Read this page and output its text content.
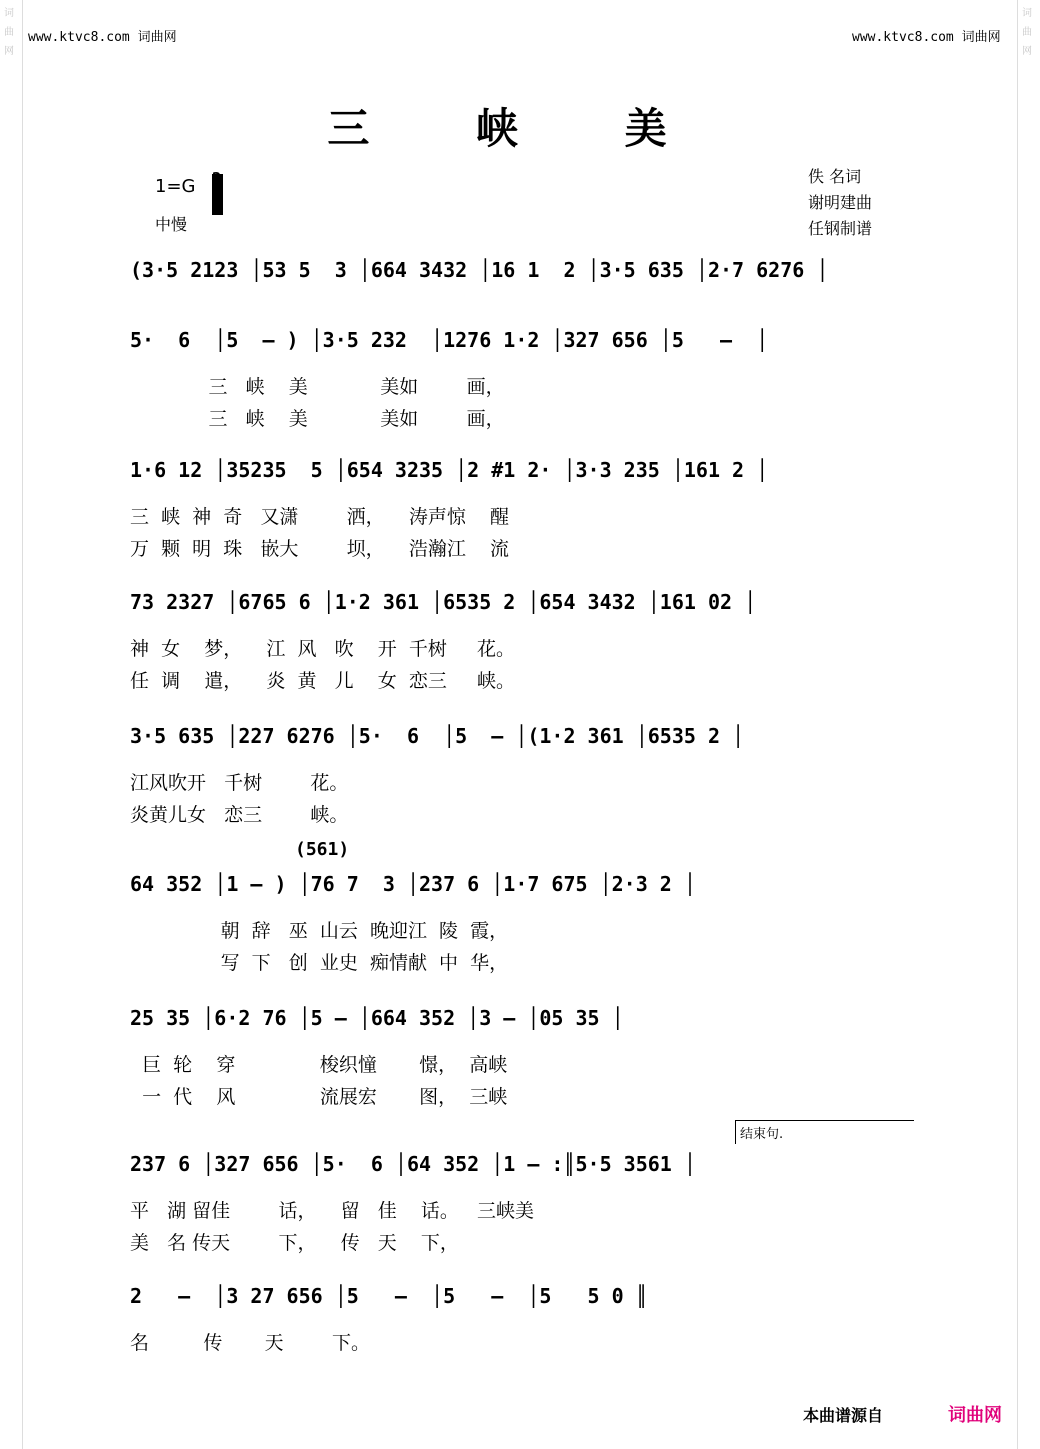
词曲网
词曲网
www.ktvc8.com 词曲网	www.ktvc8.com 词曲网
三 峡 美
1=G
中慢
佚 名词
谢明建曲
任钢制谱
(3·5 2123 │53 5  3 │664 3432 │16 1  2 │3·5 635 │2·7 6276 │
5·  6  │5  – ) │3·5 232  │1276 1·2 │327 656 │5   –  │
三   峡    美            美如        画，
三   峡    美            美如        画，
1·6 12 │35235  5 │654 3235 │2 #1 2· │3·3 235 │161 2 │
三  峡  神  奇   又潇        洒，    涛声惊    醒
万  颗  明  珠   嵌大        坝，    浩瀚江    流
73 2327 │6765 6 │1·2 361 │6535 2 │654 3432 │161 02 │
神  女    梦，    江  风   吹    开  千树     花。
任  调    遣，    炎  黄   儿    女  恋三     峡。
3·5 635 │227 6276 │5·  6  │5  – │(1·2 361 │6535 2 │
江风吹开   千树        花。
炎黄儿女   恋三        峡。
64 352 │1 – ) │76 7  3 │237 6 │1·7 675 │2·3 2 │
(561)
朝  辞   巫  山云  晚迎江  陵  霞，
写  下   创  业史  痴情献  中  华，
25 35 │6·2 76 │5 – │664 352 │3 – │05 35 │
巨  轮    穿              梭织憧       憬，  高峡
一  代    风              流展宏       图，  三峡
237 6 │327 656 │5·  6 │64 352 │1 – :║5·5 3561 │
结束句.
平   湖 留佳        话，    留   佳    话。   三峡美
美   名 传天        下，    传   天    下，
2   –  │3 27 656 │5   –  │5   –  │5   5 0 ║
名         传       天        下。
本曲谱源自	词曲网
